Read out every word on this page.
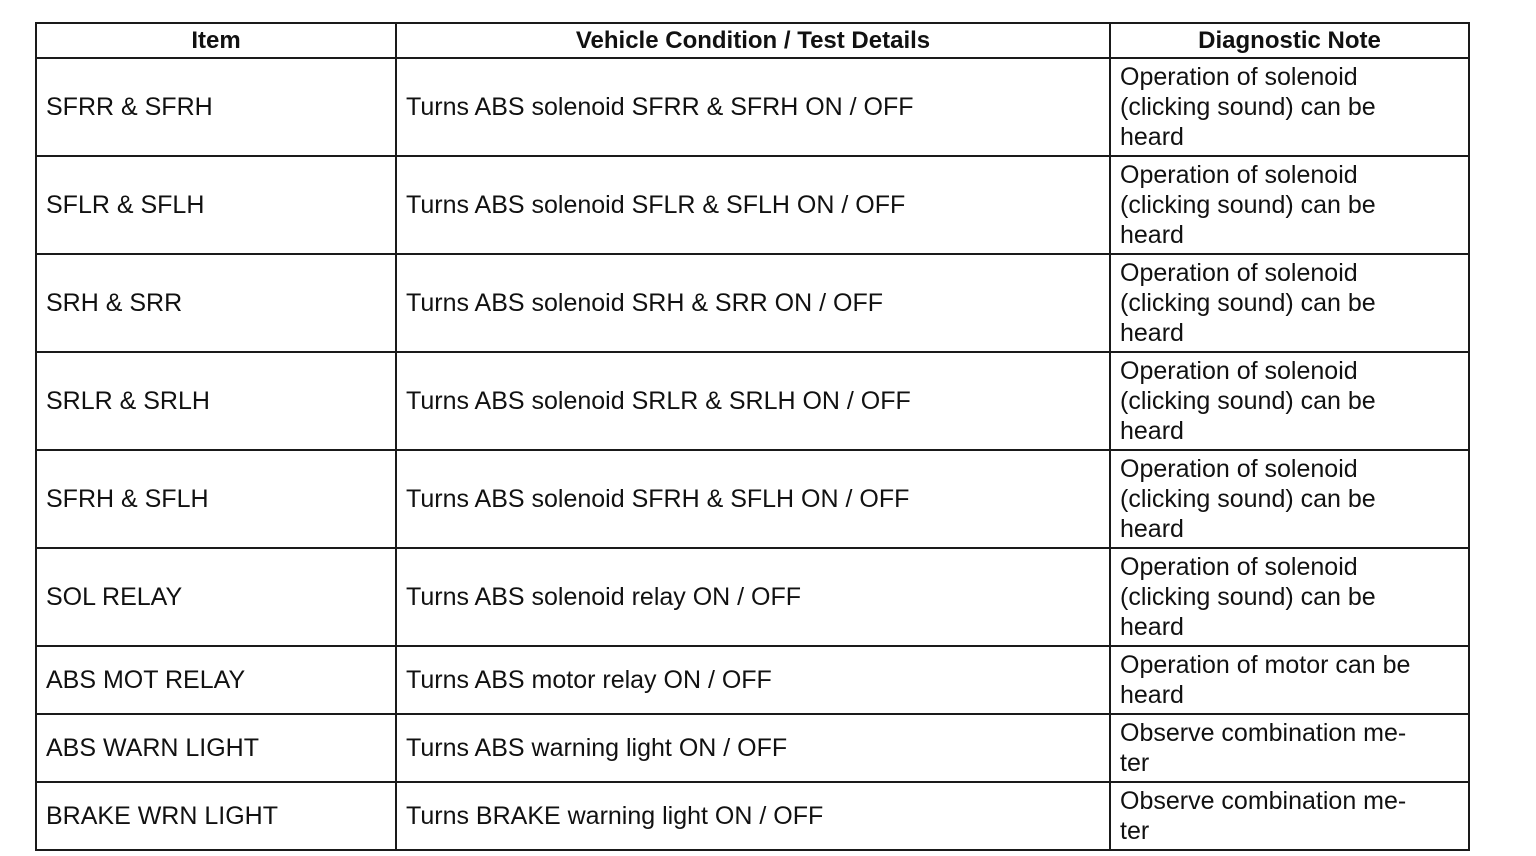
Item	Vehicle Condition / Test Details	Diagnostic Note
SFRR & SFRH	Turns ABS solenoid SFRR & SFRH ON / OFF	Operation of solenoid
(clicking sound) can be
heard

SFLR & SFLH	Turns ABS solenoid SFLR & SFLH ON / OFF	Operation of solenoid
(clicking sound) can be
heard

SRH & SRR	Turns ABS solenoid SRH & SRR ON / OFF	Operation of solenoid
(clicking sound) can be
heard

SRLR & SRLH	Turns ABS solenoid SRLR & SRLH ON / OFF	Operation of solenoid
(clicking sound) can be
heard

SFRH & SFLH	Turns ABS solenoid SFRH & SFLH ON / OFF	Operation of solenoid
(clicking sound) can be
heard

SOL RELAY	Turns ABS solenoid relay ON / OFF	Operation of solenoid
(clicking sound) can be
heard

ABS MOT RELAY	Turns ABS motor relay ON / OFF	Operation of motor can be
heard

ABS WARN LIGHT	Turns ABS warning light ON / OFF	Observe combination me-
ter

BRAKE WRN LIGHT	Turns BRAKE warning light ON / OFF	Observe combination me-
ter
